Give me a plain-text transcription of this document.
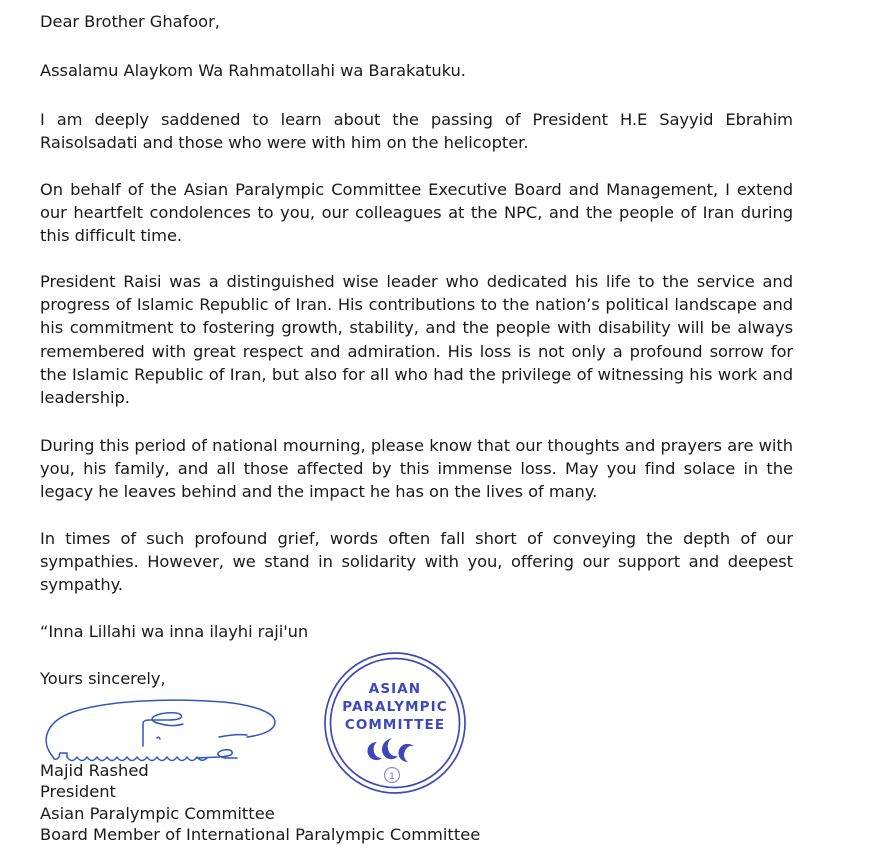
Dear Brother Ghafoor,

Assalamu Alaykom Wa Rahmatollahi wa Barakatuku.

I am deeply saddened to learn about the passing of President H.E Sayyid Ebrahim Raisolsadati and those who were with him on the helicopter.

On behalf of the Asian Paralympic Committee Executive Board and Management, I extend our heartfelt condolences to you, our colleagues at the NPC, and the people of Iran during this difficult time.

President Raisi was a distinguished wise leader who dedicated his life to the service and progress of Islamic Republic of Iran. His contributions to the nation’s political landscape and his commitment to fostering growth, stability, and the people with disability will be always remembered with great respect and admiration. His loss is not only a profound sorrow for the Islamic Republic of Iran, but also for all who had the privilege of witnessing his work and leadership.

During this period of national mourning, please know that our thoughts and prayers are with you, his family, and all those affected by this immense loss. May you find solace in the legacy he leaves behind and the impact he has on the lives of many.

In times of such profound grief, words often fall short of conveying the depth of our sympathies. However, we stand in solidarity with you, offering our support and deepest sympathy.

“Inna Lillahi wa inna ilayhi raji'un

Yours sincerely,

ASIAN
PARALYMPIC
COMMITTEE
1

Majid Rashed

President

Asian Paralympic Committee

Board Member of International Paralympic Committee
